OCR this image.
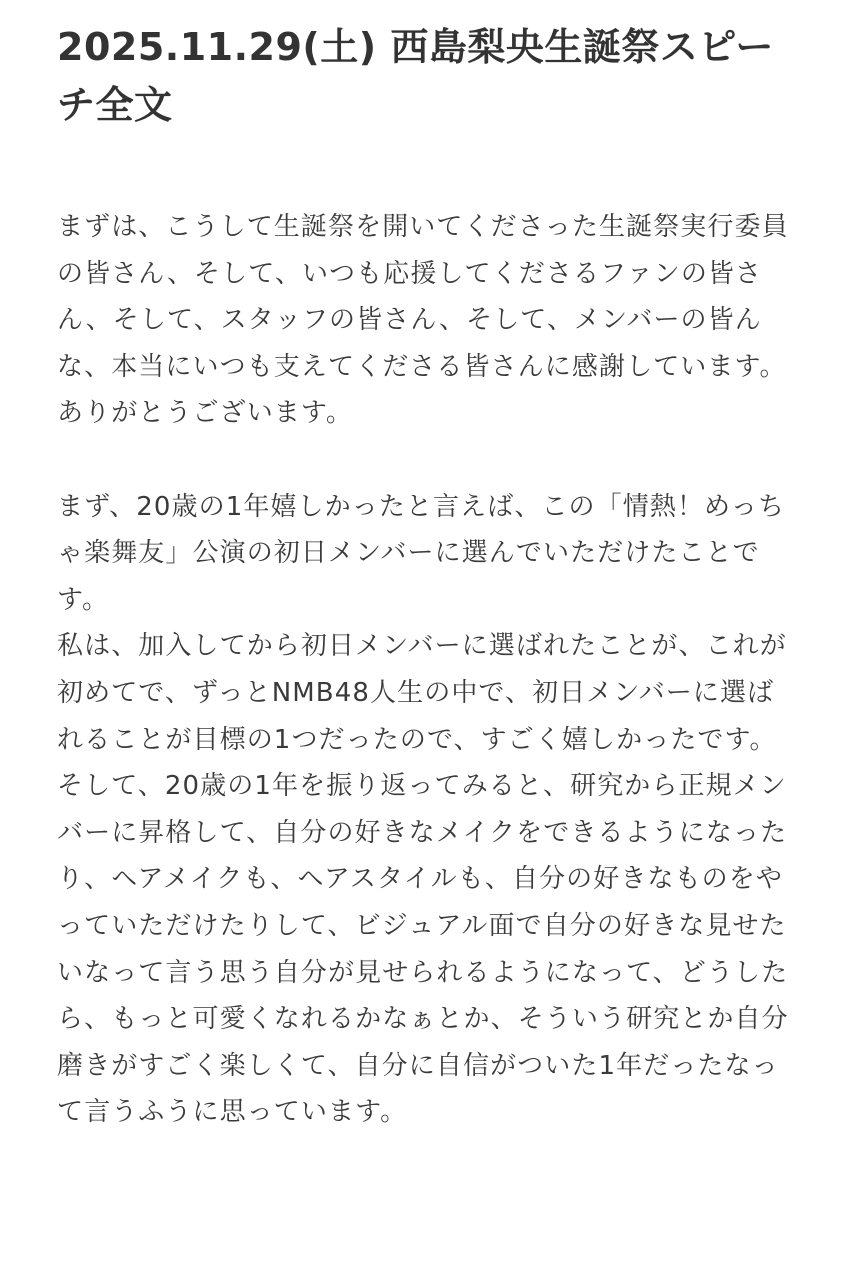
2025.11.29(土) 西島梨央生誕祭スピーチ全文

まずは、こうして生誕祭を開いてくださった生誕祭実行委員の皆さん、そして、いつも応援してくださるファンの皆さん、そして、スタッフの皆さん、そして、メンバーの皆んな、本当にいつも支えてくださる皆さんに感謝しています。ありがとうございます。

まず、20歳の1年嬉しかったと言えば、この「情熱！めっちゃ楽舞友」公演の初日メンバーに選んでいただけたことです。

私は、加入してから初日メンバーに選ばれたことが、これが初めてで、ずっとNMB48人生の中で、初日メンバーに選ばれることが目標の1つだったので、すごく嬉しかったです。

そして、20歳の1年を振り返ってみると、研究から正規メンバーに昇格して、自分の好きなメイクをできるようになったり、ヘアメイクも、ヘアスタイルも、自分の好きなものをやっていただけたりして、ビジュアル面で自分の好きな見せたいなって言う思う自分が見せられるようになって、どうしたら、もっと可愛くなれるかなぁとか、そういう研究とか自分磨きがすごく楽しくて、自分に自信がついた1年だったなって言うふうに思っています。
